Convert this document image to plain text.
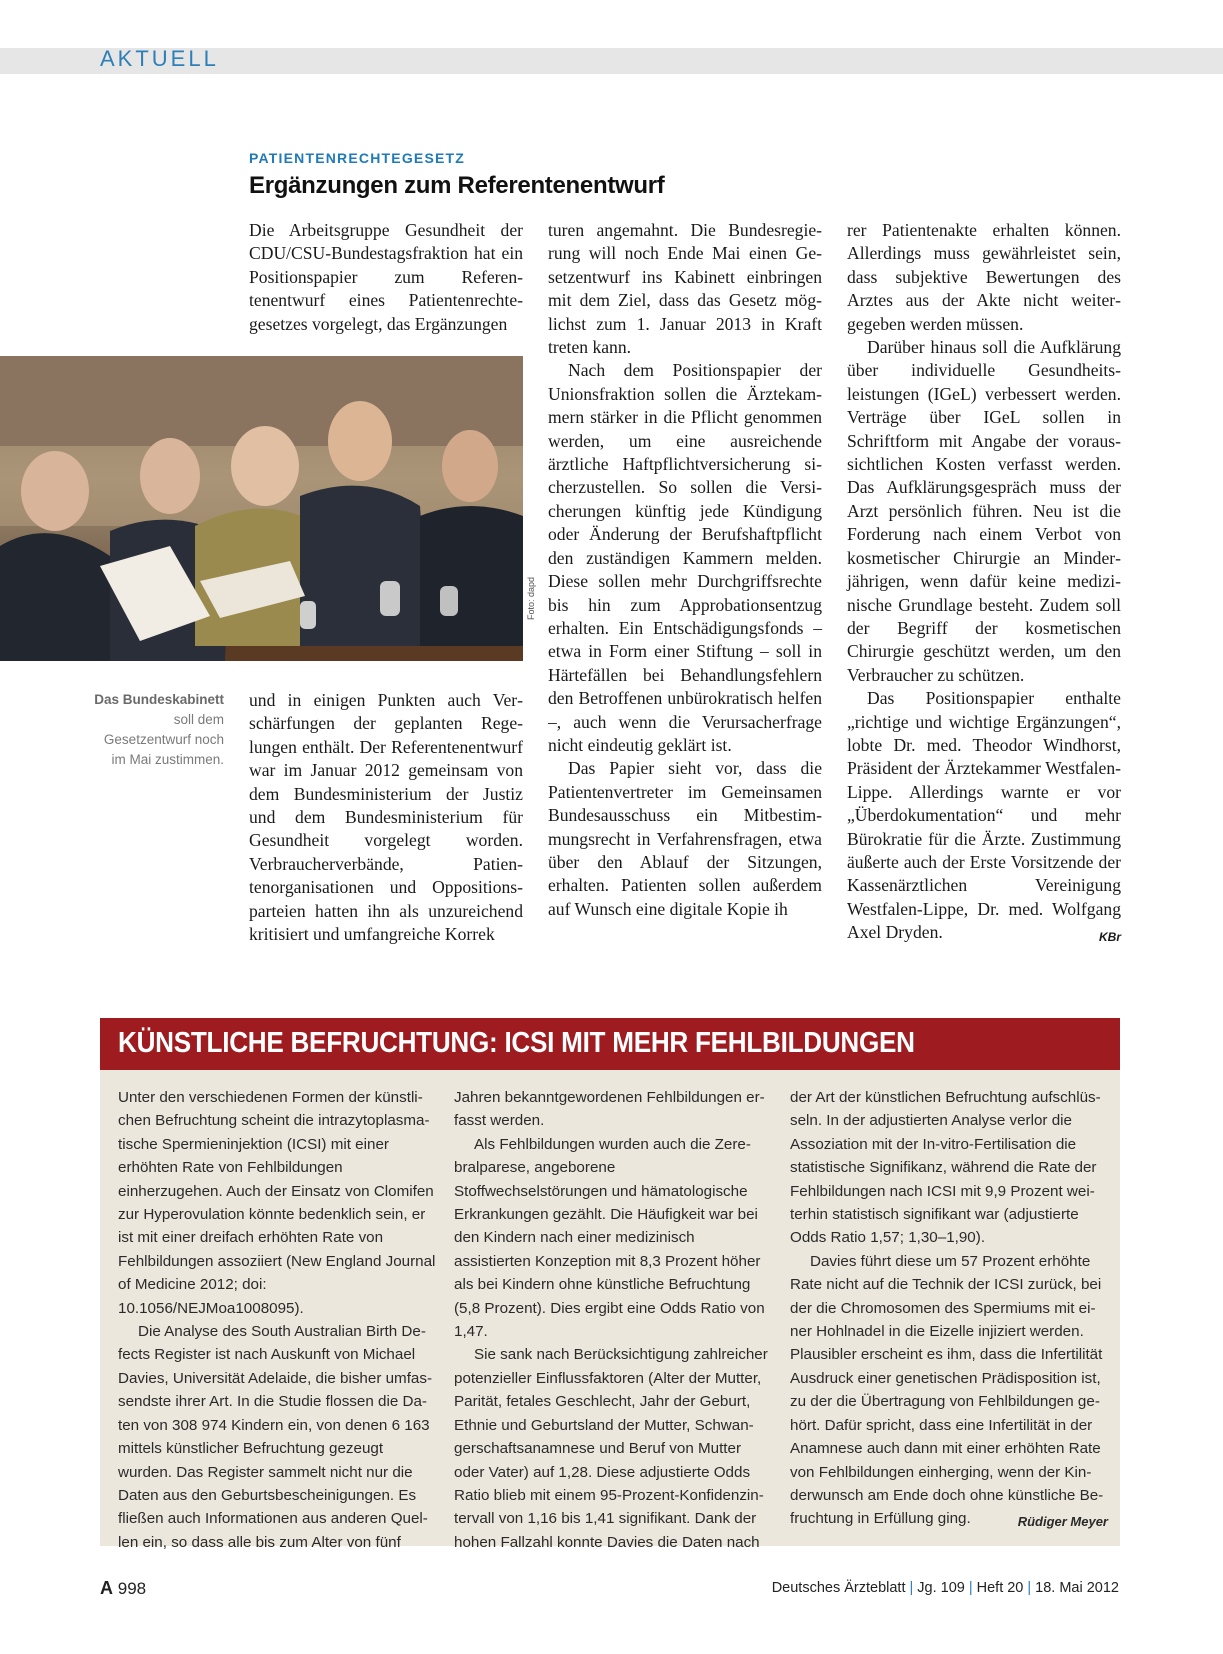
AKTUELL
PATIENTENRECHTEGESETZ
Ergänzungen zum Referentenentwurf

Die Arbeitsgruppe Gesundheit der CDU/CSU-Bundestagsfraktion hat ein Positionspapier zum Referentenentwurf eines Patientenrechtegesetzes vorgelegt, das Ergänzungen

Foto: dapd
Das Bundeskabinett soll dem Gesetzentwurf noch im Mai zustimmen.

und in einigen Punkten auch Verschärfungen der geplanten Regelungen enthält. Der Referentenentwurf war im Januar 2012 gemeinsam von dem Bundesministerium der Justiz und dem Bundesministerium für Gesundheit vorgelegt worden. Verbraucherverbände, Patientenorganisationen und Oppositionsparteien hatten ihn als unzureichend kritisiert und umfangreiche Korrek

turen angemahnt. Die Bundesregierung will noch Ende Mai einen Gesetzentwurf ins Kabinett einbringen mit dem Ziel, dass das Gesetz möglichst zum 1. Januar 2013 in Kraft treten kann.

Nach dem Positionspapier der Unionsfraktion sollen die Ärztekammern stärker in die Pflicht genommen werden, um eine ausreichende ärztliche Haftpflichtversicherung sicherzustellen. So sollen die Versicherungen künftig jede Kündigung oder Änderung der Berufshaftpflicht den zuständigen Kammern melden. Diese sollen mehr Durchgriffsrechte bis hin zum Approbationsentzug erhalten. Ein Entschädigungsfonds – etwa in Form einer Stiftung – soll in Härtefällen bei Behandlungsfehlern den Betroffenen unbürokratisch helfen –, auch wenn die Verursacherfrage nicht eindeutig geklärt ist.

Das Papier sieht vor, dass die Patientenvertreter im Gemeinsamen Bundesausschuss ein Mitbestimmungsrecht in Verfahrensfragen, etwa über den Ablauf der Sitzungen, erhalten. Patienten sollen außerdem auf Wunsch eine digitale Kopie ih

rer Patientenakte erhalten können. Allerdings muss gewährleistet sein, dass subjektive Bewertungen des Arztes aus der Akte nicht weitergegeben werden müssen.

Darüber hinaus soll die Aufklärung über individuelle Gesundheitsleistungen (IGeL) verbessert werden. Verträge über IGeL sollen in Schriftform mit Angabe der voraussichtlichen Kosten verfasst werden. Das Aufklärungsgespräch muss der Arzt persönlich führen. Neu ist die Forderung nach einem Verbot von kosmetischer Chirurgie an Minderjährigen, wenn dafür keine medizinische Grundlage besteht. Zudem soll der Begriff der kosmetischen Chirurgie geschützt werden, um den Verbraucher zu schützen.

Das Positionspapier enthalte „richtige und wichtige Ergänzungen“, lobte Dr. med. Theodor Windhorst, Präsident der Ärztekammer Westfalen-Lippe. Allerdings warnte er vor „Überdokumentation“ und mehr Bürokratie für die Ärzte. Zustimmung äußerte auch der Erste Vorsitzende der Kassenärztlichen Vereinigung Westfalen-Lippe, Dr. med. Wolfgang Axel Dryden.	KBr

KÜNSTLICHE BEFRUCHTUNG: ICSI MIT MEHR FEHLBILDUNGEN

Unter den verschiedenen Formen der künstlichen Befruchtung scheint die intrazytoplasmatische Spermieninjektion (ICSI) mit einer erhöhten Rate von Fehlbildungen einherzugehen. Auch der Einsatz von Clomifen zur Hyperovulation könnte bedenklich sein, er ist mit einer dreifach erhöhten Rate von Fehlbildungen assoziiert (New England Journal of Medicine 2012; doi: 10.1056/NEJMoa1008095).

Die Analyse des South Australian Birth Defects Register ist nach Auskunft von Michael Davies, Universität Adelaide, die bisher umfassendste ihrer Art. In die Studie flossen die Daten von 308 974 Kindern ein, von denen 6 163 mittels künstlicher Befruchtung gezeugt wurden. Das Register sammelt nicht nur die Daten aus den Geburtsbescheinigungen. Es fließen auch Informationen aus anderen Quellen ein, so dass alle bis zum Alter von fünf

Jahren bekanntgewordenen Fehlbildungen erfasst werden.

Als Fehlbildungen wurden auch die Zerebralparese, angeborene Stoffwechselstörungen und hämatologische Erkrankungen gezählt. Die Häufigkeit war bei den Kindern nach einer medizinisch assistierten Konzeption mit 8,3 Prozent höher als bei Kindern ohne künstliche Befruchtung (5,8 Prozent). Dies ergibt eine Odds Ratio von 1,47.

Sie sank nach Berücksichtigung zahlreicher potenzieller Einflussfaktoren (Alter der Mutter, Parität, fetales Geschlecht, Jahr der Geburt, Ethnie und Geburtsland der Mutter, Schwangerschaftsanamnese und Beruf von Mutter oder Vater) auf 1,28. Diese adjustierte Odds Ratio blieb mit einem 95-Prozent-Konfidenzintervall von 1,16 bis 1,41 signifikant. Dank der hohen Fallzahl konnte Davies die Daten nach

der Art der künstlichen Befruchtung aufschlüsseln. In der adjustierten Analyse verlor die Assoziation mit der In-vitro-Fertilisation die statistische Signifikanz, während die Rate der Fehlbildungen nach ICSI mit 9,9 Prozent weiterhin statistisch signifikant war (adjustierte Odds Ratio 1,57; 1,30–1,90).

Davies führt diese um 57 Prozent erhöhte Rate nicht auf die Technik der ICSI zurück, bei der die Chromosomen des Spermiums mit einer Hohlnadel in die Eizelle injiziert werden. Plausibler erscheint es ihm, dass die Infertilität Ausdruck einer genetischen Prädisposition ist, zu der die Übertragung von Fehlbildungen gehört. Dafür spricht, dass eine Infertilität in der Anamnese auch dann mit einer erhöhten Rate von Fehlbildungen einherging, wenn der Kinderwunsch am Ende doch ohne künstliche Befruchtung in Erfüllung ging.	Rüdiger Meyer

A 998	Deutsches Ärzteblatt | Jg. 109 | Heft 20 | 18. Mai 2012
